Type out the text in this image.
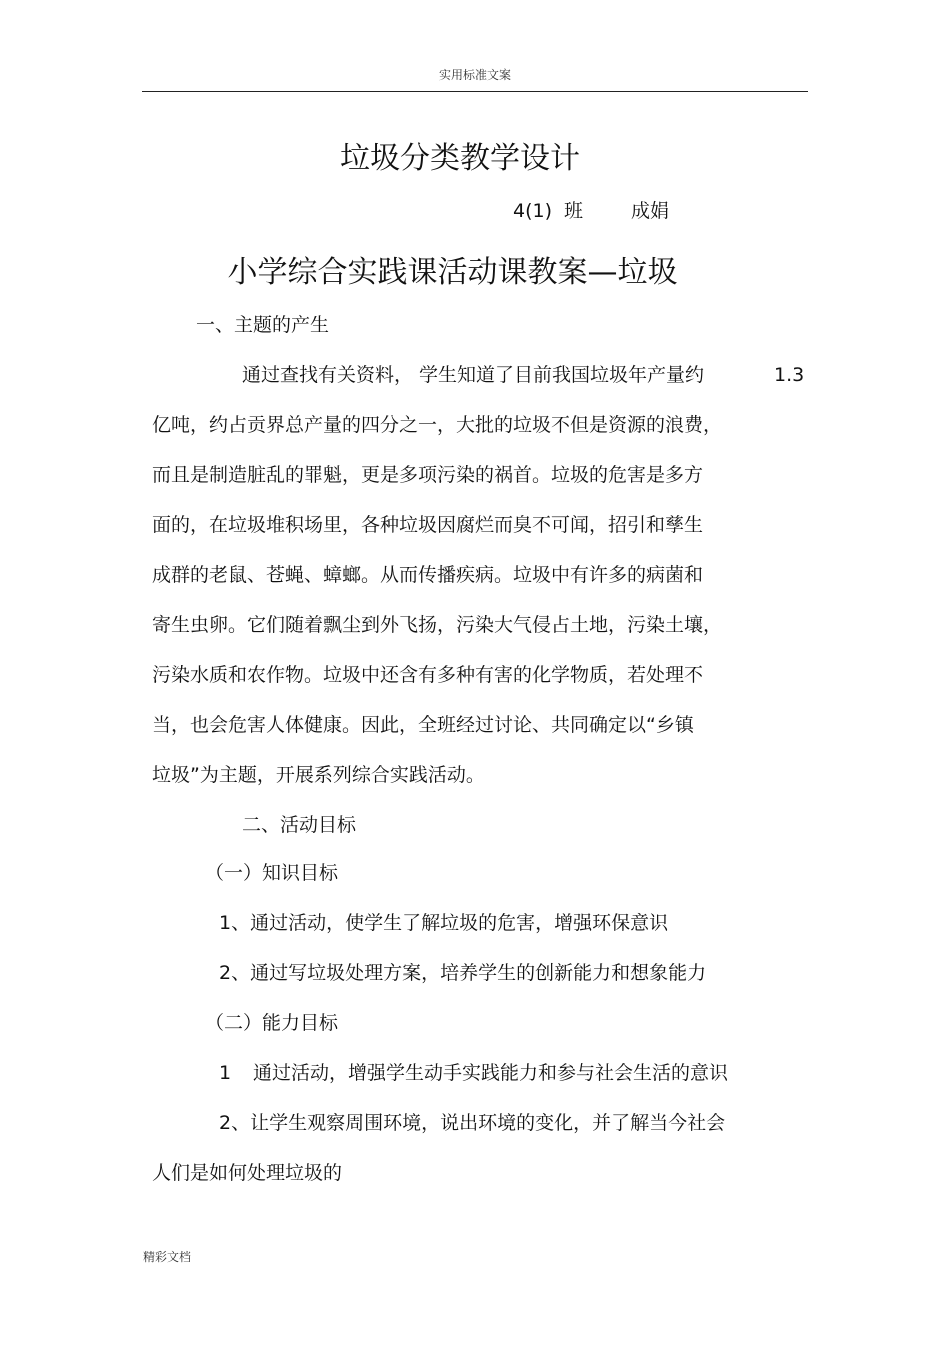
实用标准文案
垃圾分类教学设计
4(1) 班	成娟
小学综合实践课活动课教案—垃圾
一、主题的产生
通过查找有关资料， 学生知道了目前我国垃圾年产量约	1.3
亿吨，约占贡界总产量的四分之一，大批的垃圾不但是资源的浪费，
而且是制造脏乱的罪魁，更是多项污染的祸首。垃圾的危害是多方
面的，在垃圾堆积场里，各种垃圾因腐烂而臭不可闻，招引和孳生
成群的老鼠、苍蝇、蟑螂。从而传播疾病。垃圾中有许多的病菌和
寄生虫卵。它们随着飘尘到外飞扬，污染大气侵占土地，污染土壤，
污染水质和农作物。垃圾中还含有多种有害的化学物质，若处理不
当，也会危害人体健康。因此，全班经过讨论、共同确定以“乡镇
垃圾”为主题，开展系列综合实践活动。
二、活动目标
（一）知识目标
1、通过活动，使学生了解垃圾的危害，增强环保意识
2、通过写垃圾处理方案，培养学生的创新能力和想象能力
（二）能力目标
1 通过活动，增强学生动手实践能力和参与社会生活的意识
2、让学生观察周围环境，说出环境的变化，并了解当今社会
人们是如何处理垃圾的
精彩文档
